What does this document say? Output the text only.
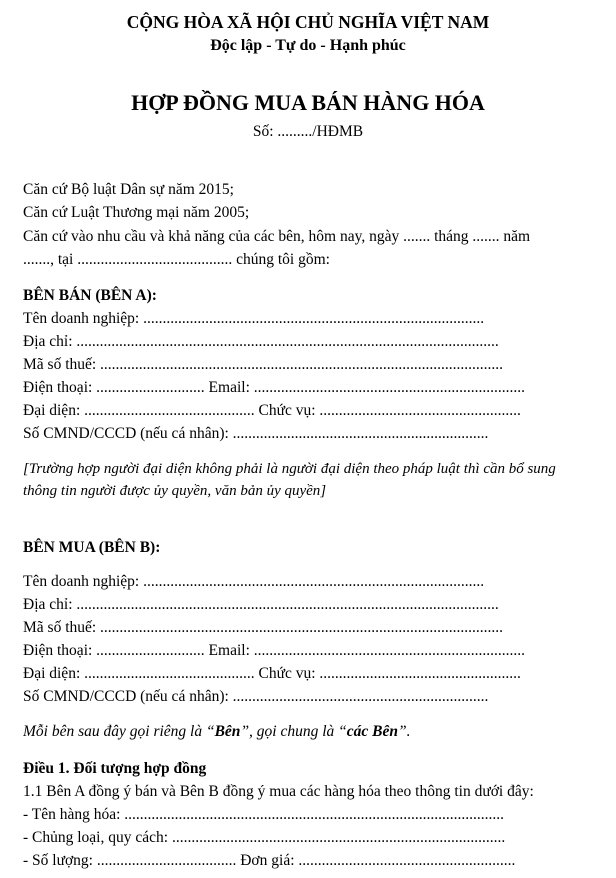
CỘNG HÒA XÃ HỘI CHỦ NGHĨA VIỆT NAM
Độc lập - Tự do - Hạnh phúc
HỢP ĐỒNG MUA BÁN HÀNG HÓA
Số: ........./HĐMB
Căn cứ Bộ luật Dân sự năm 2015;
Căn cứ Luật Thương mại năm 2005;
Căn cứ vào nhu cầu và khả năng của các bên, hôm nay, ngày ....... tháng ....... năm
......., tại ........................................ chúng tôi gồm:
BÊN BÁN (BÊN A):
Tên doanh nghiệp: ........................................................................................
Địa chỉ: .............................................................................................................
Mã số thuế: ........................................................................................................
Điện thoại: ............................ Email: ......................................................................
Đại diện: ............................................ Chức vụ: ....................................................
Số CMND/CCCD (nếu cá nhân): ..................................................................
[Trường hợp người đại diện không phải là người đại diện theo pháp luật thì cần bổ sung
thông tin người được ủy quyền, văn bản ủy quyền]
BÊN MUA (BÊN B):
Tên doanh nghiệp: ........................................................................................
Địa chỉ: .............................................................................................................
Mã số thuế: ........................................................................................................
Điện thoại: ............................ Email: ......................................................................
Đại diện: ............................................ Chức vụ: ....................................................
Số CMND/CCCD (nếu cá nhân): ..................................................................
Mỗi bên sau đây gọi riêng là “Bên”, gọi chung là “các Bên”.
Điều 1. Đối tượng hợp đồng
1.1 Bên A đồng ý bán và Bên B đồng ý mua các hàng hóa theo thông tin dưới đây:
- Tên hàng hóa: ..................................................................................................
- Chủng loại, quy cách: ......................................................................................
- Số lượng: .................................... Đơn giá: ........................................................
